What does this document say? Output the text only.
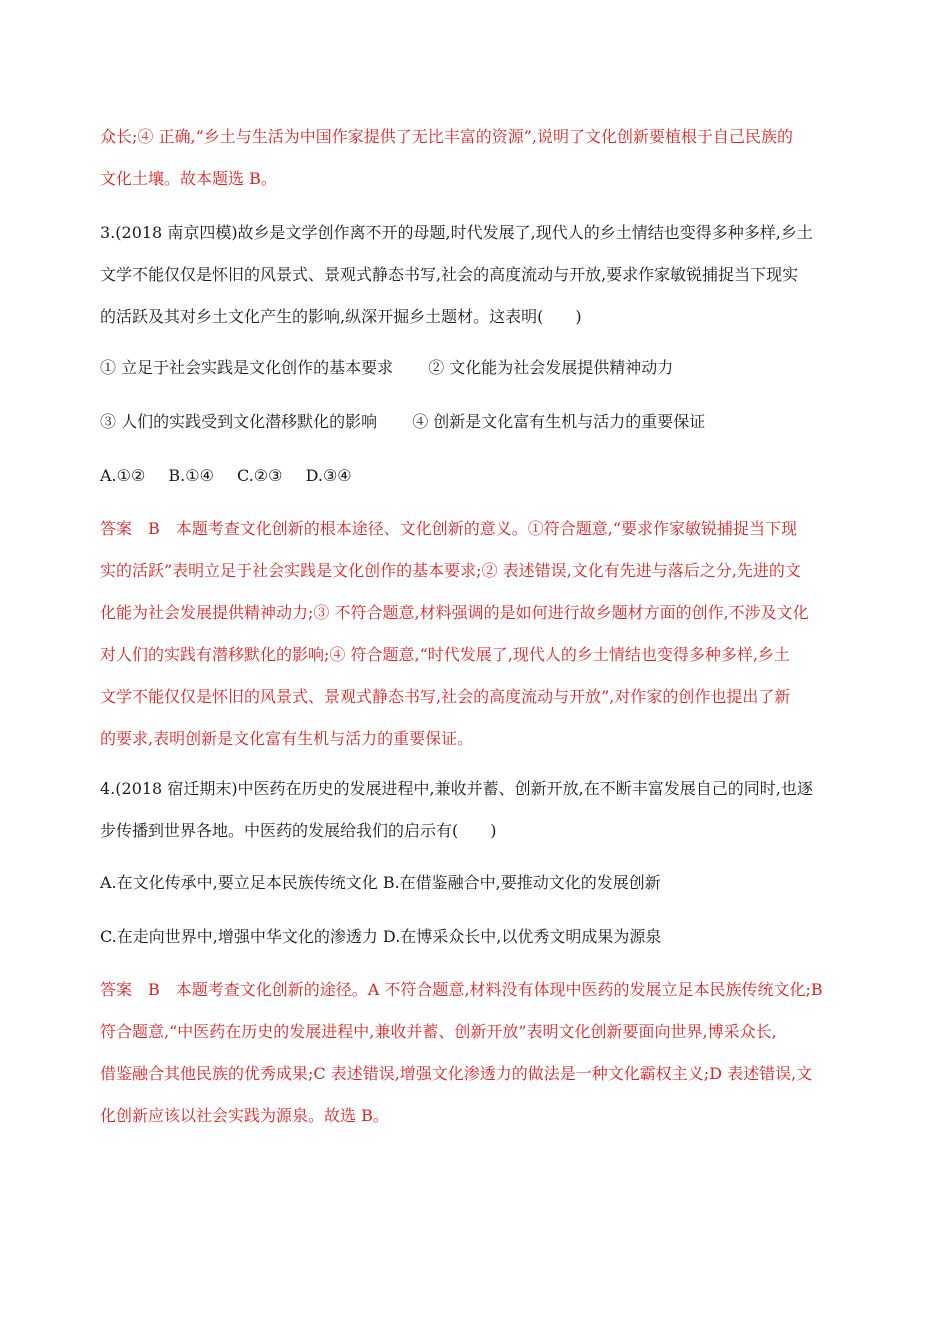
众长;④ 正确,“乡土与生活为中国作家提供了无比丰富的资源”,说明了文化创新要植根于自己民族的
文化土壤。故本题选 B。
3.(2018 南京四模)故乡是文学创作离不开的母题,时代发展了,现代人的乡土情结也变得多种多样,乡土
文学不能仅仅是怀旧的风景式、景观式静态书写,社会的高度流动与开放,要求作家敏锐捕捉当下现实
的活跃及其对乡土文化产生的影响,纵深开掘乡土题材。这表明(　　)
① 立足于社会实践是文化创作的基本要求 ② 文化能为社会发展提供精神动力
③ 人们的实践受到文化潜移默化的影响 ④ 创新是文化富有生机与活力的重要保证
A.①② B.①④ C.②③ D.③④
答案　B　本题考查文化创新的根本途径、文化创新的意义。①符合题意,“要求作家敏锐捕捉当下现
实的活跃”表明立足于社会实践是文化创作的基本要求;② 表述错误,文化有先进与落后之分,先进的文
化能为社会发展提供精神动力;③ 不符合题意,材料强调的是如何进行故乡题材方面的创作,不涉及文化
对人们的实践有潜移默化的影响;④ 符合题意,“时代发展了,现代人的乡土情结也变得多种多样,乡土
文学不能仅仅是怀旧的风景式、景观式静态书写,社会的高度流动与开放”,对作家的创作也提出了新
的要求,表明创新是文化富有生机与活力的重要保证。
4.(2018 宿迁期末)中医药在历史的发展进程中,兼收并蓄、创新开放,在不断丰富发展自己的同时,也逐
步传播到世界各地。中医药的发展给我们的启示有(　　)
A.在文化传承中,要立足本民族传统文化 B.在借鉴融合中,要推动文化的发展创新
C.在走向世界中,增强中华文化的渗透力 D.在博采众长中,以优秀文明成果为源泉
答案　B　本题考查文化创新的途径。A 不符合题意,材料没有体现中医药的发展立足本民族传统文化;B
符合题意,“中医药在历史的发展进程中,兼收并蓄、创新开放”表明文化创新要面向世界,博采众长,
借鉴融合其他民族的优秀成果;C 表述错误,增强文化渗透力的做法是一种文化霸权主义;D 表述错误,文
化创新应该以社会实践为源泉。故选 B。
